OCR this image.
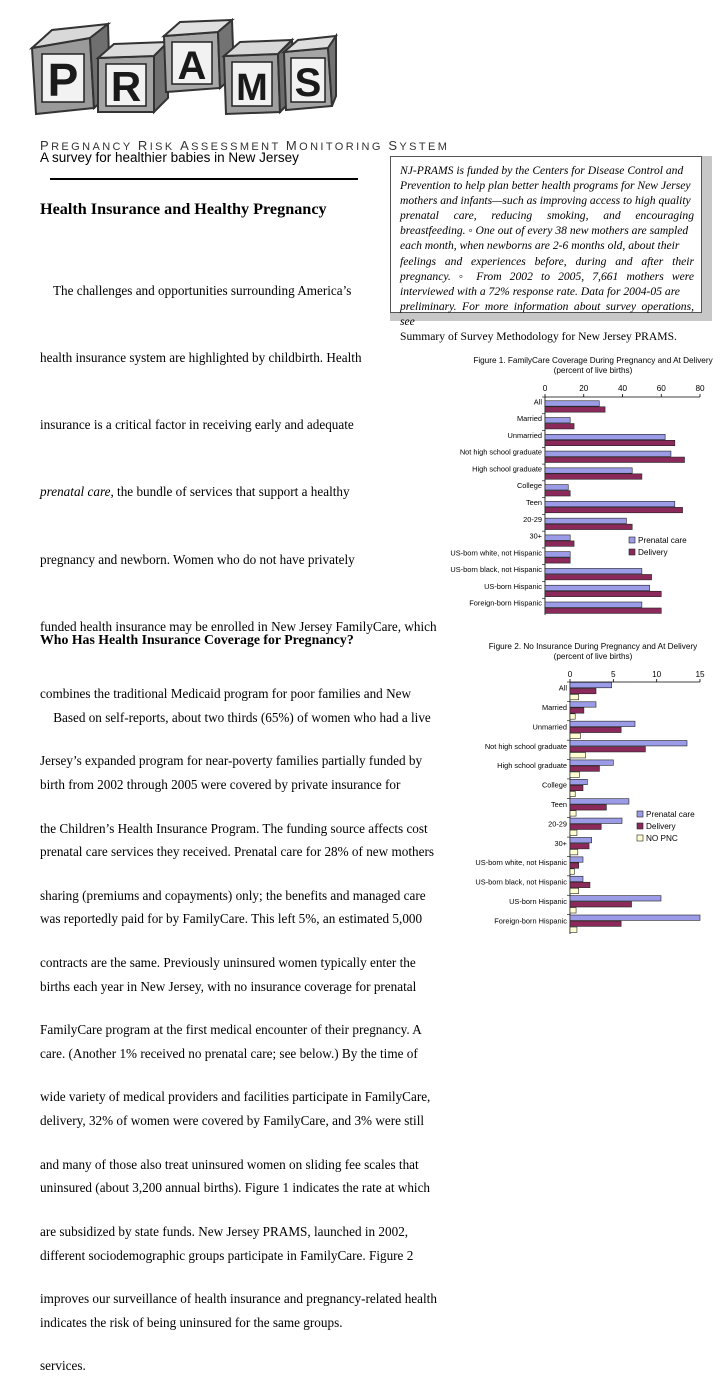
P R A M S
PREGNANCY RISK ASSESSMENT MONITORING SYSTEM
A survey for healthier babies in New Jersey
NJ-PRAMS is funded by the Centers for Disease Control and
Prevention to help plan better health programs for New Jersey
mothers and infants—such as improving access to high quality
prenatal care, reducing smoking, and encouraging
breastfeeding. ◦ One out of every 38 new mothers are sampled
each month, when newborns are 2-6 months old, about their
feelings and experiences before, during and after their
pregnancy. ◦ From 2002 to 2005, 7,661 mothers were
interviewed with a 72% response rate. Data for 2004-05 are
preliminary. For more information about survey operations, see
Summary of Survey Methodology for New Jersey PRAMS.
Health Insurance and Healthy Pregnancy

The challenges and opportunities surrounding America’s

health insurance system are highlighted by childbirth. Health

insurance is a critical factor in receiving early and adequate

prenatal care, the bundle of services that support a healthy

pregnancy and newborn. Women who do not have privately

funded health insurance may be enrolled in New Jersey FamilyCare, which

combines the traditional Medicaid program for poor families and New

Jersey’s expanded program for near-poverty families partially funded by

the Children’s Health Insurance Program. The funding source affects cost

sharing (premiums and copayments) only; the benefits and managed care

contracts are the same. Previously uninsured women typically enter the

FamilyCare program at the first medical encounter of their pregnancy. A

wide variety of medical providers and facilities participate in FamilyCare,

and many of those also treat uninsured women on sliding fee scales that

are subsidized by state funds. New Jersey PRAMS, launched in 2002,

improves our surveillance of health insurance and pregnancy-related health

services.

Who Has Health Insurance Coverage for Pregnancy?

Based on self-reports, about two thirds (65%) of women who had a live

birth from 2002 through 2005 were covered by private insurance for

prenatal care services they received. Prenatal care for 28% of new mothers

was reportedly paid for by FamilyCare. This left 5%, an estimated 5,000

births each year in New Jersey, with no insurance coverage for prenatal

care. (Another 1% received no prenatal care; see below.) By the time of

delivery, 32% of women were covered by FamilyCare, and 3% were still

uninsured (about 3,200 annual births). Figure 1 indicates the rate at which

different sociodemographic groups participate in FamilyCare. Figure 2

indicates the risk of being uninsured for the same groups.

Figure 1. FamilyCare Coverage During Pregnancy and At Delivery
(percent of live births)
0	20	40	60	80
All
Married
Unmarried
Not high school graduate
High school graduate
College
Teen
20-29
30+
US-born white, not Hispanic
US-born black, not Hispanic
US-born Hispanic
Foreign-born Hispanic
Prenatal care
Delivery
Figure 2. No Insurance During Pregnancy and At Delivery
(percent of live births)
0	5	10	15
All
Married
Unmarried
Not high school graduate
High school graduate
College
Teen
20-29
30+
US-born white, not Hispanic
US-born black, not Hispanic
US-born Hispanic
Foreign-born Hispanic
Prenatal care
Delivery
NO PNC
